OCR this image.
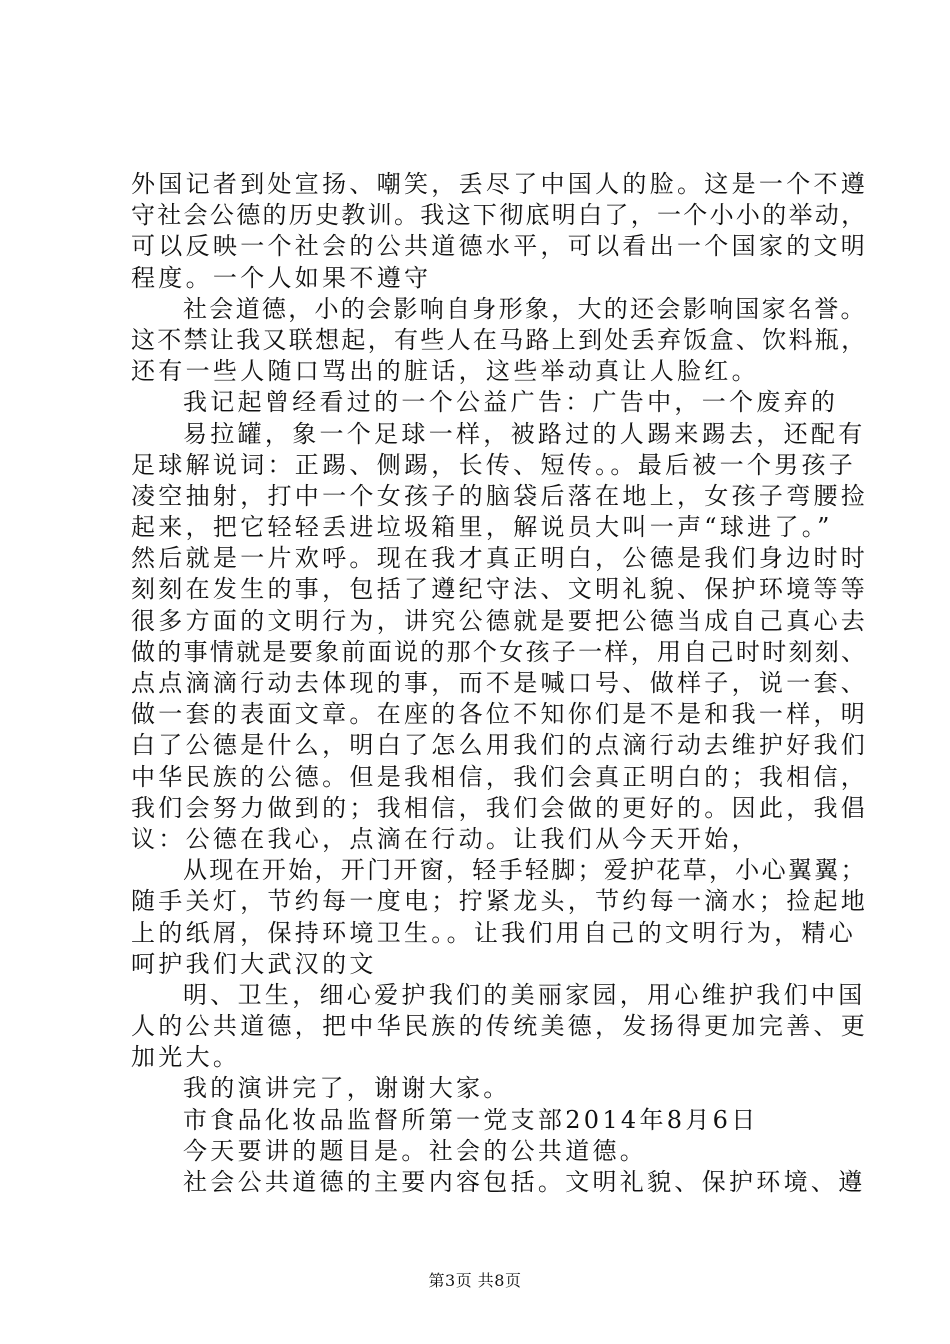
外国记者到处宣扬、嘲笑，丢尽了中国人的脸。这是一个不遵
守社会公德的历史教训。我这下彻底明白了，一个小小的举动，
可以反映一个社会的公共道德水平，可以看出一个国家的文明
程度。一个人如果不遵守
社会道德，小的会影响自身形象，大的还会影响国家名誉。
这不禁让我又联想起，有些人在马路上到处丢弃饭盒、饮料瓶，
还有一些人随口骂出的脏话，这些举动真让人脸红。
我记起曾经看过的一个公益广告：广告中，一个废弃的
易拉罐，象一个足球一样，被路过的人踢来踢去，还配有
足球解说词：正踢、侧踢，长传、短传。。最后被一个男孩子
凌空抽射，打中一个女孩子的脑袋后落在地上，女孩子弯腰捡
起来，把它轻轻丢进垃圾箱里，解说员大叫一声“球进了。”
然后就是一片欢呼。现在我才真正明白，公德是我们身边时时
刻刻在发生的事，包括了遵纪守法、文明礼貌、保护环境等等
很多方面的文明行为，讲究公德就是要把公德当成自己真心去
做的事情就是要象前面说的那个女孩子一样，用自己时时刻刻、
点点滴滴行动去体现的事，而不是喊口号、做样子，说一套、
做一套的表面文章。在座的各位不知你们是不是和我一样，明
白了公德是什么，明白了怎么用我们的点滴行动去维护好我们
中华民族的公德。但是我相信，我们会真正明白的；我相信，
我们会努力做到的；我相信，我们会做的更好的。因此，我倡
议：公德在我心，点滴在行动。让我们从今天开始，
从现在开始，开门开窗，轻手轻脚；爱护花草，小心翼翼；
随手关灯，节约每一度电；拧紧龙头，节约每一滴水；捡起地
上的纸屑，保持环境卫生。。让我们用自己的文明行为，精心
呵护我们大武汉的文
明、卫生，细心爱护我们的美丽家园，用心维护我们中国
人的公共道德，把中华民族的传统美德，发扬得更加完善、更
加光大。
我的演讲完了，谢谢大家。
市食品化妆品监督所第一党支部2014年8月6日
今天要讲的题目是。社会的公共道德。
社会公共道德的主要内容包括。文明礼貌、保护环境、遵
第3页 共8页
